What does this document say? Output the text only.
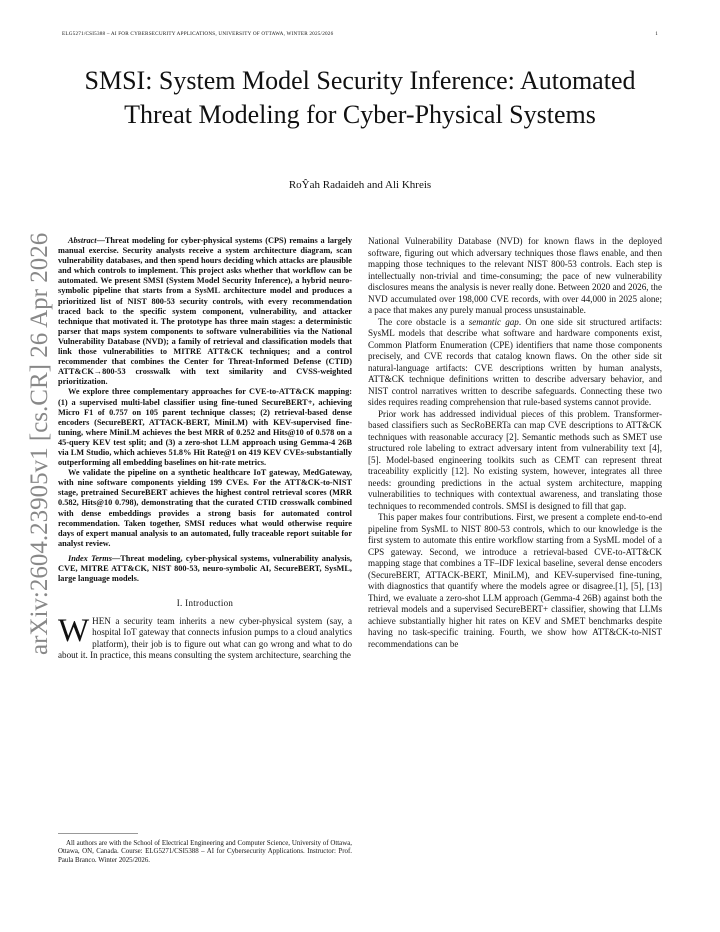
ELG5271/CSI5388 – AI FOR CYBERSECURITY APPLICATIONS, UNIVERSITY OF OTTAWA, WINTER 2025/2026	1
arXiv:2604.23905v1 [cs.CR] 26 Apr 2026
SMSI: System Model Security Inference: Automated Threat Modeling for Cyber-Physical Systems
RoŶah Radaideh and Ali Khreis

Abstract—Threat modeling for cyber-physical systems (CPS) remains a largely manual exercise. Security analysts receive a system architecture diagram, scan vulnerability databases, and then spend hours deciding which attacks are plausible and which controls to implement. This project asks whether that workflow can be automated. We present SMSI (System Model Security Inference), a hybrid neuro-symbolic pipeline that starts from a SysML architecture model and produces a prioritized list of NIST 800-53 security controls, with every recommendation traced back to the specific system component, vulnerability, and attacker technique that motivated it. The prototype has three main stages: a deterministic parser that maps system components to software vulnerabilities via the National Vulnerability Database (NVD); a family of retrieval and classification models that link those vulnerabilities to MITRE ATT&CK techniques; and a control recommender that combines the Center for Threat-Informed Defense (CTID) ATT&CK→800-53 crosswalk with text similarity and CVSS-weighted prioritization.

We explore three complementary approaches for CVE-to-ATT&CK mapping: (1) a supervised multi-label classifier using fine-tuned SecureBERT+, achieving Micro F1 of 0.757 on 105 parent technique classes; (2) retrieval-based dense encoders (SecureBERT, ATTACK-BERT, MiniLM) with KEV-supervised fine-tuning, where MiniLM achieves the best MRR of 0.252 and Hits@10 of 0.578 on a 45-query KEV test split; and (3) a zero-shot LLM approach using Gemma-4 26B via LM Studio, which achieves 51.8% Hit Rate@1 on 419 KEV CVEs-substantially outperforming all embedding baselines on hit-rate metrics.

We validate the pipeline on a synthetic healthcare IoT gateway, MedGateway, with nine software components yielding 199 CVEs. For the ATT&CK-to-NIST stage, pretrained SecureBERT achieves the highest control retrieval scores (MRR 0.582, Hits@10 0.798), demonstrating that the curated CTID crosswalk combined with dense embeddings provides a strong basis for automated control recommendation. Taken together, SMSI reduces what would otherwise require days of expert manual analysis to an automated, fully traceable report suitable for analyst review.

Index Terms—Threat modeling, cyber-physical systems, vulnerability analysis, CVE, MITRE ATT&CK, NIST 800-53, neuro-symbolic AI, SecureBERT, SysML, large language models.
I. Introduction

WHEN a security team inherits a new cyber-physical system (say, a hospital IoT gateway that connects infusion pumps to a cloud analytics platform), their job is to figure out what can go wrong and what to do about it. In practice, this means consulting the system architecture, searching the

All authors are with the School of Electrical Engineering and Computer Science, University of Ottawa, Ottawa, ON, Canada. Course: ELG5271/CSI5388 – AI for Cybersecurity Applications. Instructor: Prof. Paula Branco. Winter 2025/2026.

National Vulnerability Database (NVD) for known flaws in the deployed software, figuring out which adversary techniques those flaws enable, and then mapping those techniques to the relevant NIST 800-53 controls. Each step is intellectually non-trivial and time-consuming; the pace of new vulnerability disclosures means the analysis is never really done. Between 2020 and 2026, the NVD accumulated over 198,000 CVE records, with over 44,000 in 2025 alone; a pace that makes any purely manual process unsustainable.

The core obstacle is a semantic gap. On one side sit structured artifacts: SysML models that describe what software and hardware components exist, Common Platform Enumeration (CPE) identifiers that name those components precisely, and CVE records that catalog known flaws. On the other side sit natural-language artifacts: CVE descriptions written by human analysts, ATT&CK technique definitions written to describe adversary behavior, and NIST control narratives written to describe safeguards. Connecting these two sides requires reading comprehension that rule-based systems cannot provide.

Prior work has addressed individual pieces of this problem. Transformer-based classifiers such as SecRoBERTa can map CVE descriptions to ATT&CK techniques with reasonable accuracy [2]. Semantic methods such as SMET use structured role labeling to extract adversary intent from vulnerability text [4], [5]. Model-based engineering toolkits such as CEMT can represent threat traceability explicitly [12]. No existing system, however, integrates all three needs: grounding predictions in the actual system architecture, mapping vulnerabilities to techniques with contextual awareness, and translating those techniques to recommended controls. SMSI is designed to fill that gap.

This paper makes four contributions. First, we present a complete end-to-end pipeline from SysML to NIST 800-53 controls, which to our knowledge is the first system to automate this entire workflow starting from a SysML model of a CPS gateway. Second, we introduce a retrieval-based CVE-to-ATT&CK mapping stage that combines a TF–IDF lexical baseline, several dense encoders (SecureBERT, ATTACK-BERT, MiniLM), and KEV-supervised fine-tuning, with diagnostics that quantify where the models agree or disagree.[1], [5], [13] Third, we evaluate a zero-shot LLM approach (Gemma-4 26B) against both the retrieval models and a supervised SecureBERT+ classifier, showing that LLMs achieve substantially higher hit rates on KEV and SMET benchmarks despite having no task-specific training. Fourth, we show how ATT&CK-to-NIST recommendations can be
